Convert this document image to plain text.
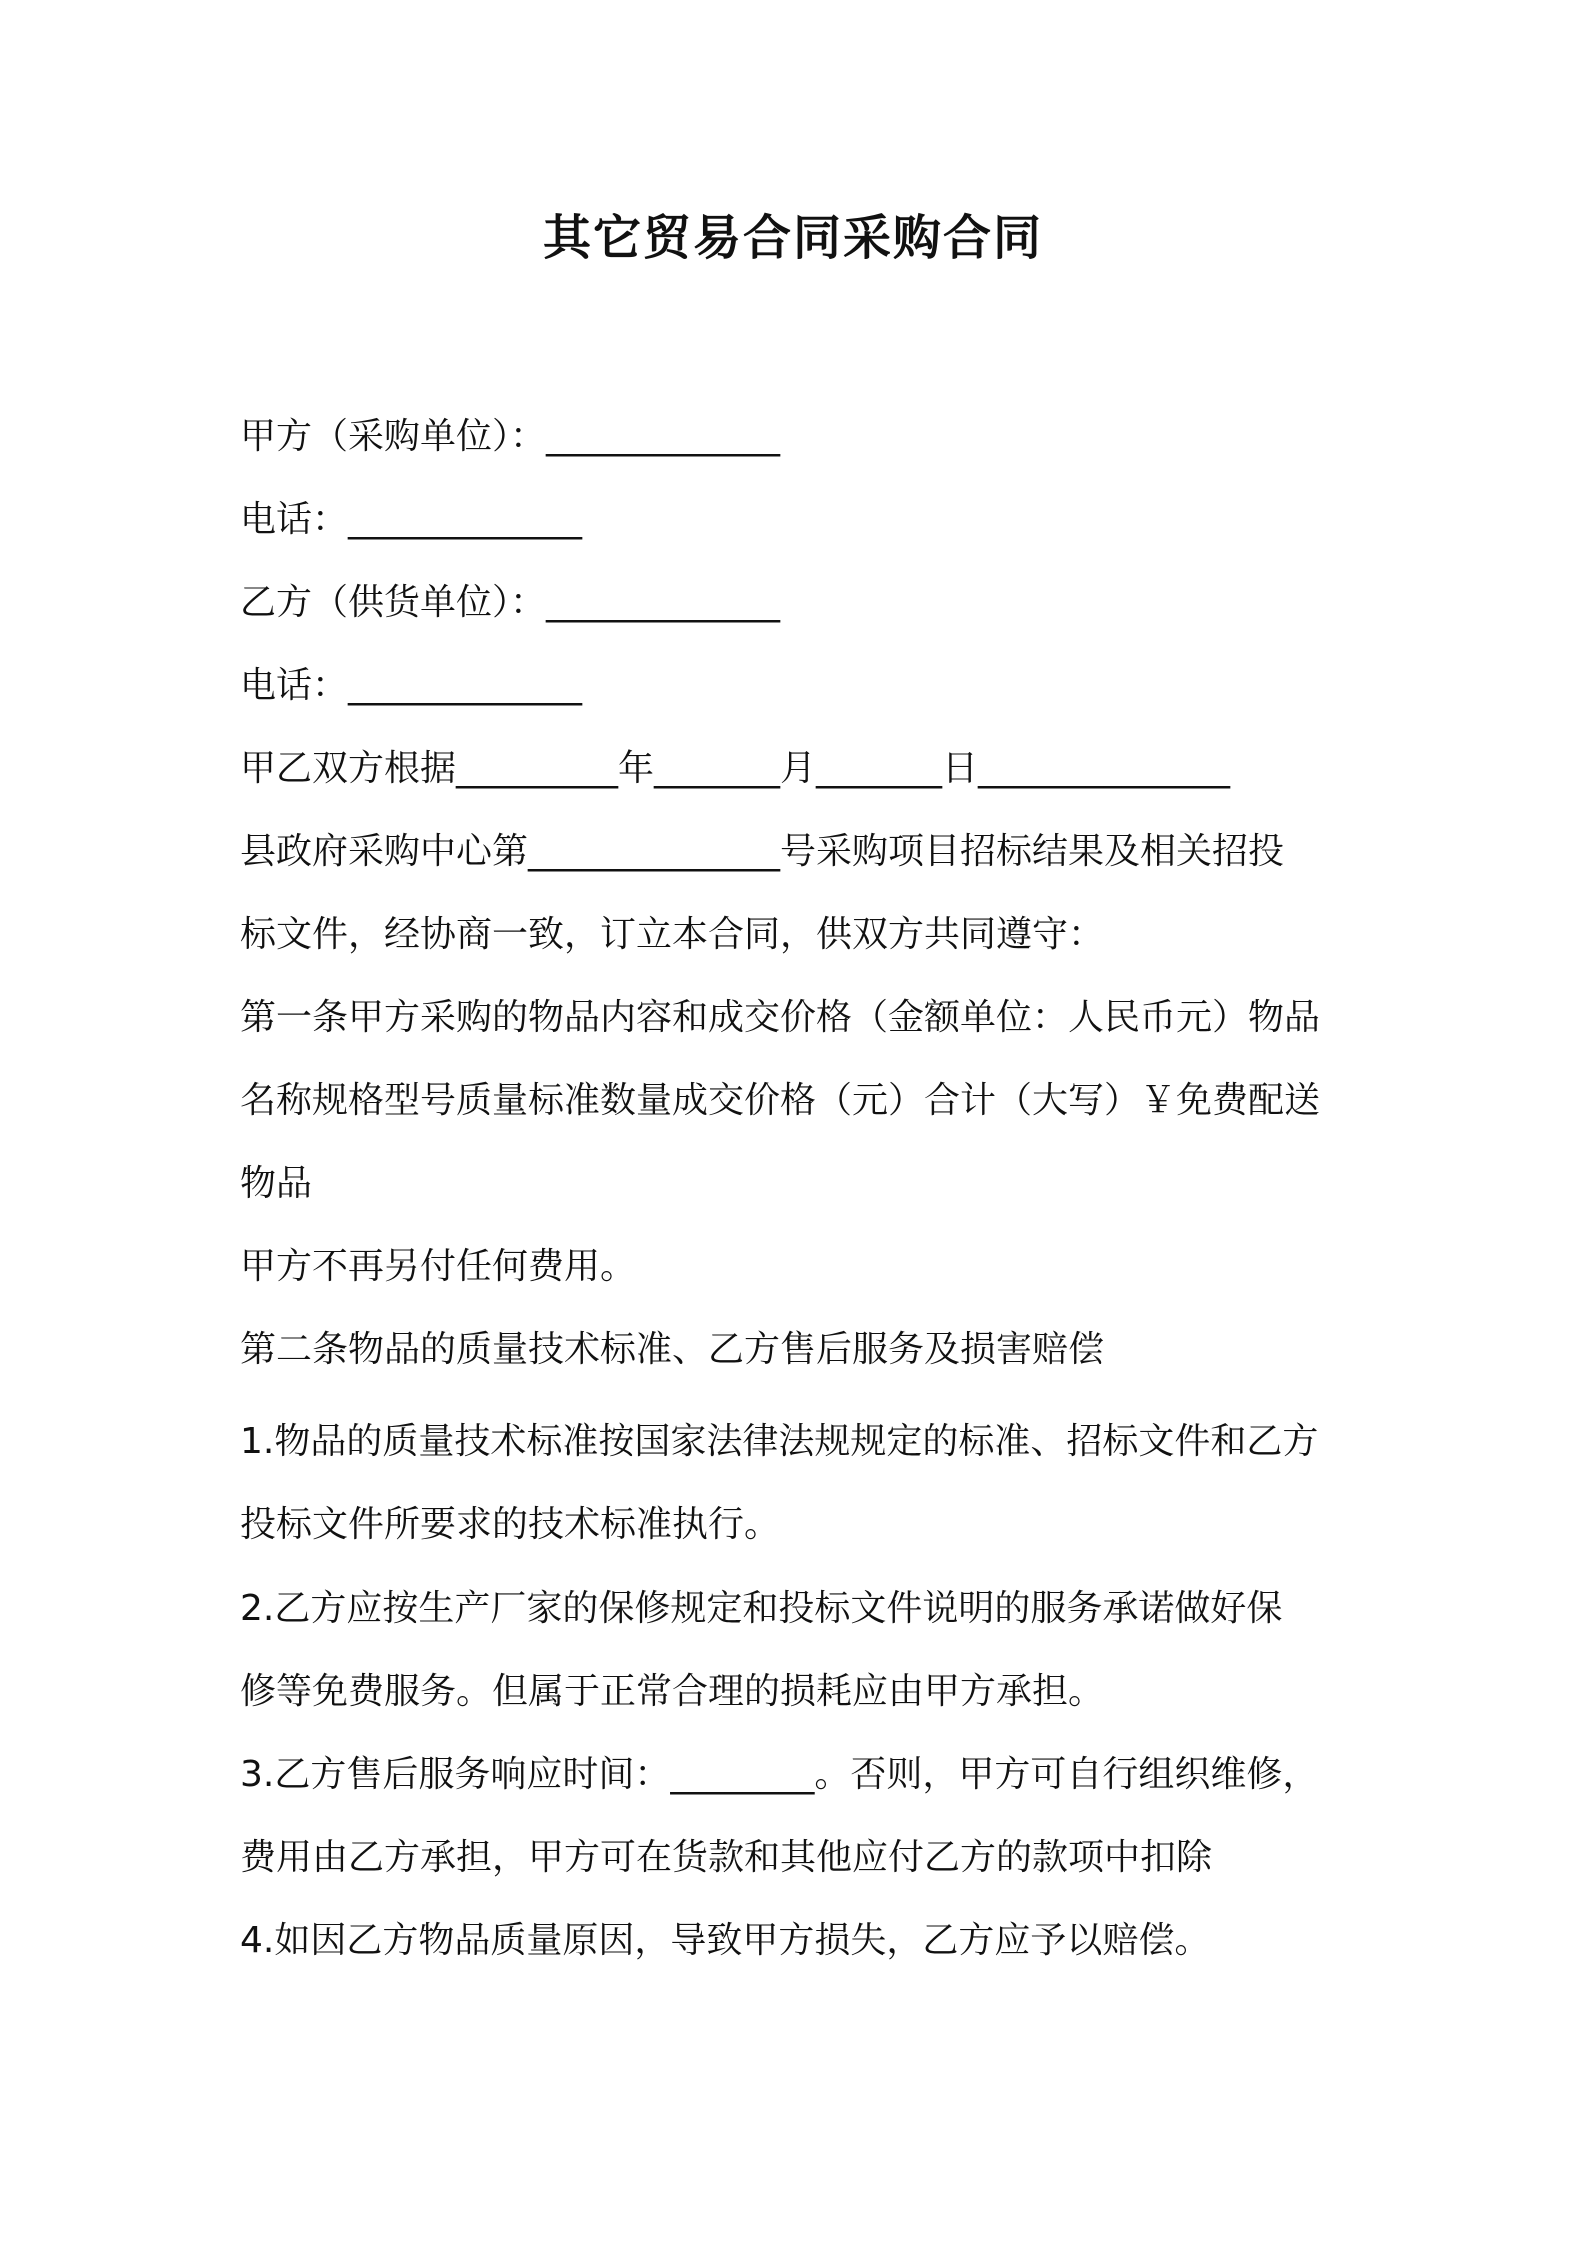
其它贸易合同采购合同
甲方（采购单位）：_____________
电话：_____________
乙方（供货单位）：_____________
电话：_____________
甲乙双方根据_________年_______月_______日______________
县政府采购中心第______________号采购项目招标结果及相关招投
标文件，经协商一致，订立本合同，供双方共同遵守：
第一条甲方采购的物品内容和成交价格（金额单位：人民币元）物品
名称规格型号质量标准数量成交价格（元）合计（大写）￥免费配送
物品
甲方不再另付任何费用。
第二条物品的质量技术标准、乙方售后服务及损害赔偿
1.物品的质量技术标准按国家法律法规规定的标准、招标文件和乙方
投标文件所要求的技术标准执行。
2.乙方应按生产厂家的保修规定和投标文件说明的服务承诺做好保
修等免费服务。但属于正常合理的损耗应由甲方承担。
3.乙方售后服务响应时间：________。否则，甲方可自行组织维修，
费用由乙方承担，甲方可在货款和其他应付乙方的款项中扣除
4.如因乙方物品质量原因，导致甲方损失，乙方应予以赔偿。
